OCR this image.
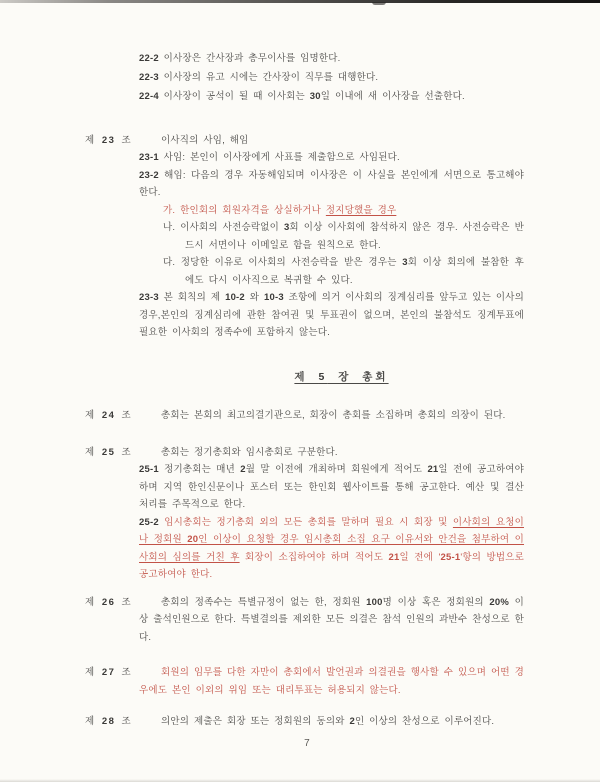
22-2 이사장은 간사장과 총무이사를 임명한다.

22-3 이사장의 유고 시에는 간사장이 직무를 대행한다.

22-4 이사장이 공석이 될 때 이사회는 30일 이내에 새 이사장을 선출한다.

제 23 조	이사직의 사임, 해임

23-1 사임: 본인이 이사장에게 사표를 제출함으로 사임된다.

23-2 해임: 다음의 경우 자동해임되며 이사장은 이 사실을 본인에게 서면으로 통고해야 한다.

가. 한인회의 회원자격을 상실하거나 정지당했을 경우

나. 이사회의 사전승락없이 3회 이상 이사회에 참석하지 않은 경우. 사전승락은 반드시 서면이나 이메일로 함을 원칙으로 한다.

다. 정당한 이유로 이사회의 사전승락을 받은 경우는 3회 이상 회의에 불참한 후에도 다시 이사직으로 복귀할 수 있다.

23-3 본 회칙의 제 10-2 와 10-3 조항에 의거 이사회의 징계심리를 앞두고 있는 이사의 경우,본인의 징계심리에 관한 참여권 및 투표권이 없으며, 본인의 불참석도 징계투표에 필요한 이사회의 정족수에 포함하지 않는다.

제 5 장 총회
제 24 조	총회는 본회의 최고의결기관으로, 회장이 총회를 소집하며 총회의 의장이 된다.

제 25 조	총회는 정기총회와 임시총회로 구분한다.

25-1 정기총회는 매년 2월 말 이전에 개최하며 회원에게 적어도 21일 전에 공고하여야 하며 지역 한인신문이나 포스터 또는 한인회 웹사이트를 통해 공고한다. 예산 및 결산 처리를 주목적으로 한다.

25-2 임시총회는 정기총회 외의 모든 총회를 말하며 필요 시 회장 및 이사회의 요청이나 정회원 20인 이상이 요청할 경우 임시총회 소집 요구 이유서와 안건을 첨부하여 이사회의 심의를 거친 후 회장이 소집하여야 하며 적어도 21일 전에 '25-1'항의 방법으로 공고하여야 한다.

제 26 조	총회의 정족수는 특별규정이 없는 한, 정회원 100명 이상 혹은 정회원의 20% 이상 출석인원으로 한다. 특별결의를 제외한 모든 의결은 참석 인원의 과반수 찬성으로 한다.

제 27 조	회원의 임무를 다한 자만이 총회에서 발언권과 의결권을 행사할 수 있으며 어떤 경우에도 본인 이외의 위임 또는 대리투표는 허용되지 않는다.

제 28 조	의안의 제출은 회장 또는 정회원의 동의와 2인 이상의 찬성으로 이루어진다.

7
